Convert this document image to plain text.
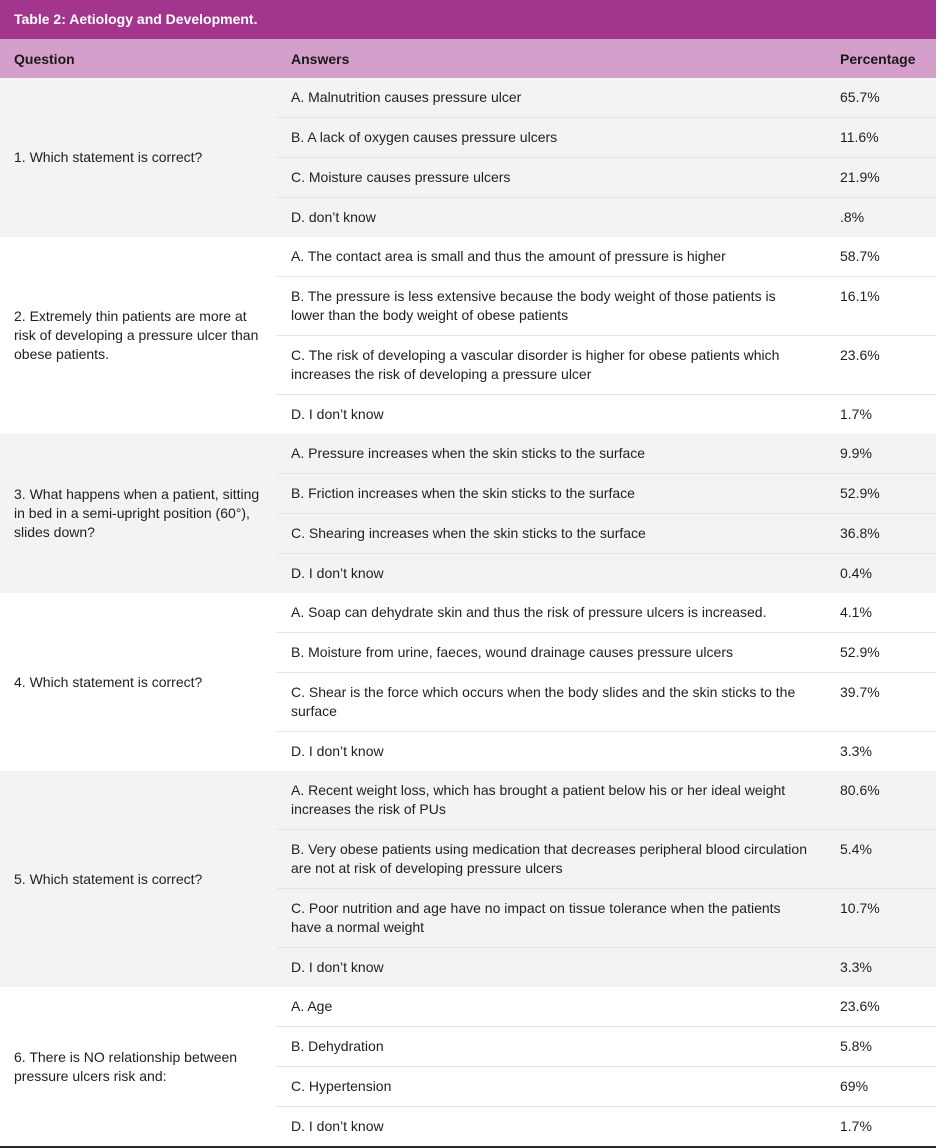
Table 2: Aetiology and Development.
Question	Answers	Percentage
1. Which statement is correct?	A. Malnutrition causes pressure ulcer	65.7%
	B. A lack of oxygen causes pressure ulcers	11.6%
	C. Moisture causes pressure ulcers	21.9%
	D. don’t know	.8%
2. Extremely thin patients are more at risk of developing a pressure ulcer than obese patients.	A. The contact area is small and thus the amount of pressure is higher	58.7%
	B. The pressure is less extensive because the body weight of those patients is lower than the body weight of obese patients	16.1%
	C. The risk of developing a vascular disorder is higher for obese patients which increases the risk of developing a pressure ulcer	23.6%
	D. I don’t know	1.7%
3. What happens when a patient, sitting in bed in a semi-upright position (60°), slides down?	A. Pressure increases when the skin sticks to the surface	9.9%
	B. Friction increases when the skin sticks to the surface	52.9%
	C. Shearing increases when the skin sticks to the surface	36.8%
	D. I don’t know	0.4%
4. Which statement is correct?	A. Soap can dehydrate skin and thus the risk of pressure ulcers is increased.	4.1%
	B. Moisture from urine, faeces, wound drainage causes pressure ulcers	52.9%
	C. Shear is the force which occurs when the body slides and the skin sticks to the surface	39.7%
	D. I don’t know	3.3%
5. Which statement is correct?	A. Recent weight loss, which has brought a patient below his or her ideal weight increases the risk of PUs	80.6%
	B. Very obese patients using medication that decreases peripheral blood circulation are not at risk of developing pressure ulcers	5.4%
	C. Poor nutrition and age have no impact on tissue tolerance when the patients have a normal weight	10.7%
	D. I don’t know	3.3%
6. There is NO relationship between pressure ulcers risk and:	A. Age	23.6%
	B. Dehydration	5.8%
	C. Hypertension	69%
	D. I don’t know	1.7%
